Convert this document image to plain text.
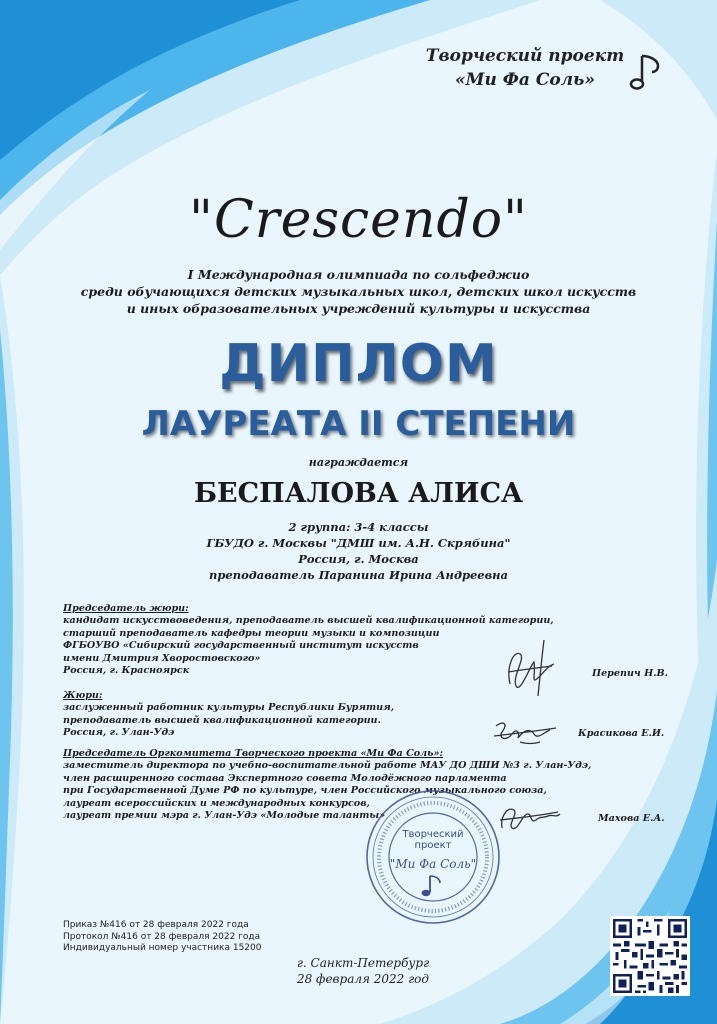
Творческий проект
«Ми Фа Соль»
"Crescendo"
I Международная олимпиада по сольфеджио
среди обучающихся детских музыкальных школ, детских школ искусств
и иных образовательных учреждений культуры и искусства
ДИПЛОМ
ЛАУРЕАТА II СТЕПЕНИ
награждается
БЕСПАЛОВА АЛИСА
2 группа: 3-4 классы
ГБУДО г. Москвы "ДМШ им. А.Н. Скрябина"
Россия, г. Москва
преподаватель Паранина Ирина Андреевна
Председатель жюри:
кандидат искусствоведения, преподаватель высшей квалификационной категории,
старший преподаватель кафедры теории музыки и композиции
ФГБОУВО «Сибирский государственный институт искусств
имени Дмитрия Хворостовского»
Россия, г. Красноярск	Перепич Н.В.
Жюри:
заслуженный работник культуры Республики Бурятия,
преподаватель высшей квалификационной категории.
Россия, г. Улан-Удэ	Красикова Е.И.
Председатель Оргкомитета Творческого проекта «Ми Фа Соль»:
заместитель директора по учебно-воспитательной работе МАУ ДО ДШИ №3 г. Улан-Удэ,
член расширенного состава Экспертного совета Молодёжного парламента
при Государственной Думе РФ по культуре, член Российского музыкального союза,
лауреат всероссийских и международных конкурсов,
лауреат премии мэра г. Улан-Удэ «Молодые таланты»	Махова Е.А.
Творческий
проект
"Ми Фа Соль"
Приказ №416 от 28 февраля 2022 года
Протокол №416 от 28 февраля 2022 года
Индивидуальный номер участника 15200
г. Санкт-Петербург
28 февраля 2022 год
